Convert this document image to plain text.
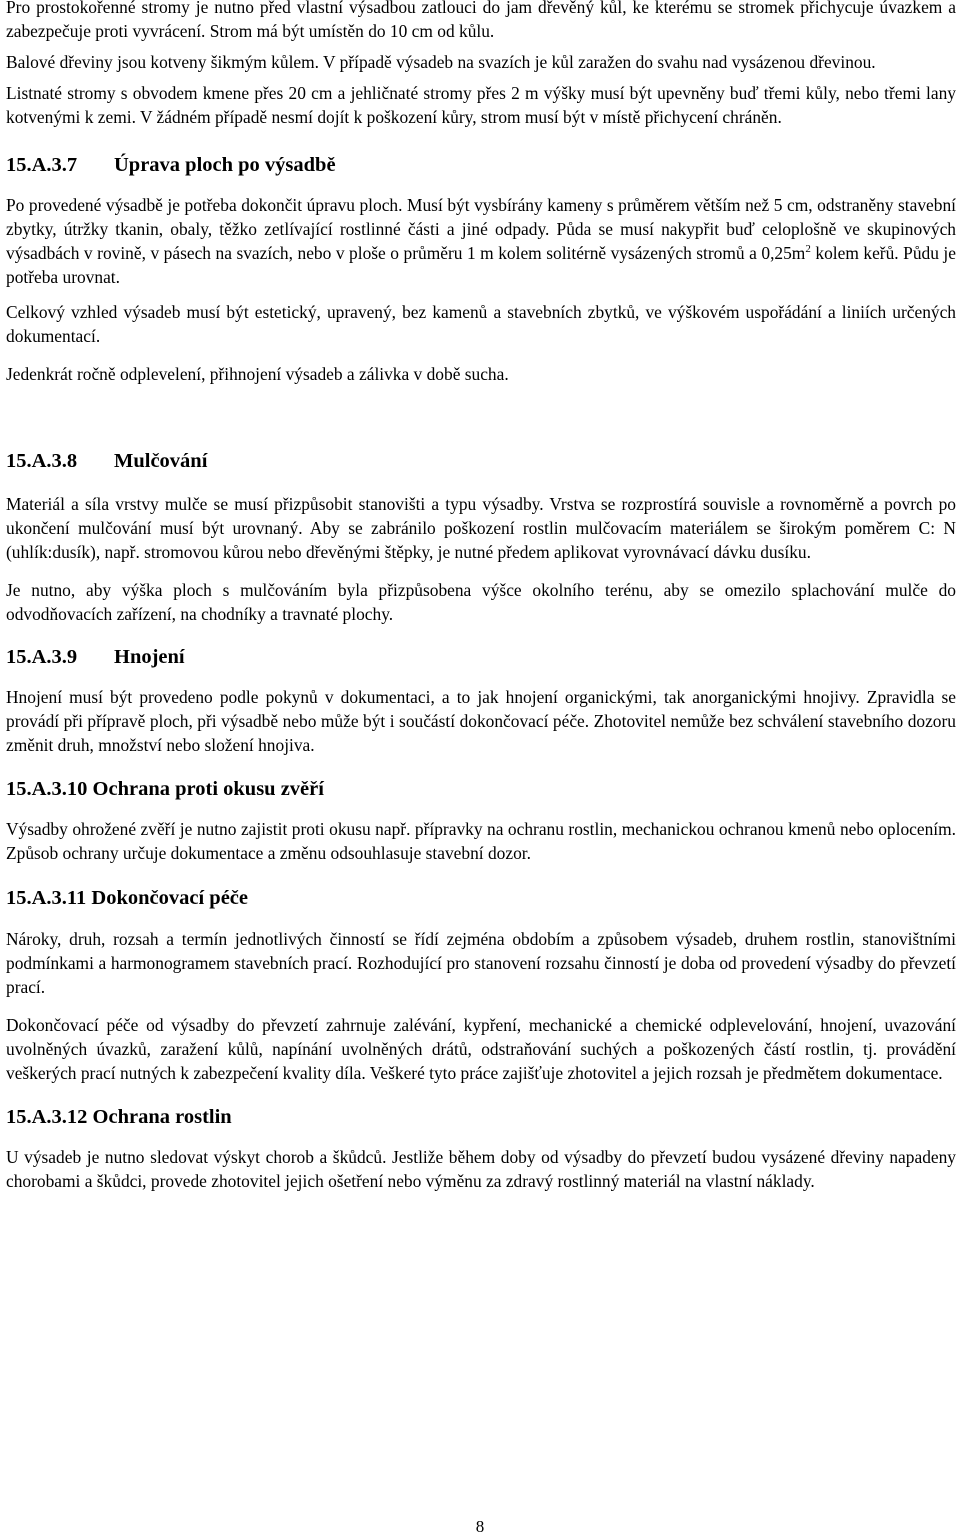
Pro prostokořenné stromy je nutno před vlastní výsadbou zatlouci do jam dřevěný kůl, ke kterému se stromek přichycuje úvazkem a zabezpečuje proti vyvrácení. Strom má být umístěn do 10 cm od kůlu.

Balové dřeviny jsou kotveny šikmým kůlem. V případě výsadeb na svazích je kůl zaražen do svahu nad vysázenou dřevinou.

Listnaté stromy s obvodem kmene přes 20 cm a jehličnaté stromy přes 2 m výšky musí být upevněny buď třemi kůly, nebo třemi lany kotvenými k zemi. V žádném případě nesmí dojít k poškození kůry, strom musí být v místě přichycení chráněn.

15.A.3.7 Úprava ploch po výsadbě

Po provedené výsadbě je potřeba dokončit úpravu ploch. Musí být vysbírány kameny s průměrem větším než 5 cm, odstraněny stavební zbytky, útržky tkanin, obaly, těžko zetlívající rostlinné části a jiné odpady. Půda se musí nakypřit buď celoplošně ve skupinových výsadbách v rovině, v pásech na svazích, nebo v ploše o průměru 1 m kolem solitérně vysázených stromů a $0,25m^2$ kolem keřů. Půdu je potřeba urovnat.

Celkový vzhled výsadeb musí být estetický, upravený, bez kamenů a stavebních zbytků, ve výškovém uspořádání a liniích určených dokumentací.

Jedenkrát ročně odplevelení, přihnojení výsadeb a zálivka v době sucha.

15.A.3.8 Mulčování

Materiál a síla vrstvy mulče se musí přizpůsobit stanovišti a typu výsadby. Vrstva se rozprostírá souvisle a rovnoměrně a povrch po ukončení mulčování musí být urovnaný. Aby se zabránilo poškození rostlin mulčovacím materiálem se širokým poměrem C: N (uhlík:dusík), např. stromovou kůrou nebo dřevěnými štěpky, je nutné předem aplikovat vyrovnávací dávku dusíku.

Je nutno, aby výška ploch s mulčováním byla přizpůsobena výšce okolního terénu, aby se omezilo splachování mulče do odvodňovacích zařízení, na chodníky a travnaté plochy.

15.A.3.9 Hnojení

Hnojení musí být provedeno podle pokynů v dokumentaci, a to jak hnojení organickými, tak anorganickými hnojivy. Zpravidla se provádí při přípravě ploch, při výsadbě nebo může být i součástí dokončovací péče. Zhotovitel nemůže bez schválení stavebního dozoru změnit druh, množství nebo složení hnojiva.

15.A.3.10 Ochrana proti okusu zvěří

Výsadby ohrožené zvěří je nutno zajistit proti okusu např. přípravky na ochranu rostlin, mechanickou ochranou kmenů nebo oplocením. Způsob ochrany určuje dokumentace a změnu odsouhlasuje stavební dozor.

15.A.3.11 Dokončovací péče

Nároky, druh, rozsah a termín jednotlivých činností se řídí zejména obdobím a způsobem výsadeb, druhem rostlin, stanovištními podmínkami a harmonogramem stavebních prací. Rozhodující pro stanovení rozsahu činností je doba od provedení výsadby do převzetí prací.

Dokončovací péče od výsadby do převzetí zahrnuje zalévání, kypření, mechanické a chemické odplevelování, hnojení, uvazování uvolněných úvazků, zaražení kůlů, napínání uvolněných drátů, odstraňování suchých a poškozených částí rostlin, tj. provádění veškerých prací nutných k zabezpečení kvality díla. Veškeré tyto práce zajišťuje zhotovitel a jejich rozsah je předmětem dokumentace.

15.A.3.12 Ochrana rostlin

U výsadeb je nutno sledovat výskyt chorob a škůdců. Jestliže během doby od výsadby do převzetí budou vysázené dřeviny napadeny chorobami a škůdci, provede zhotovitel jejich ošetření nebo výměnu za zdravý rostlinný materiál na vlastní náklady.

8
